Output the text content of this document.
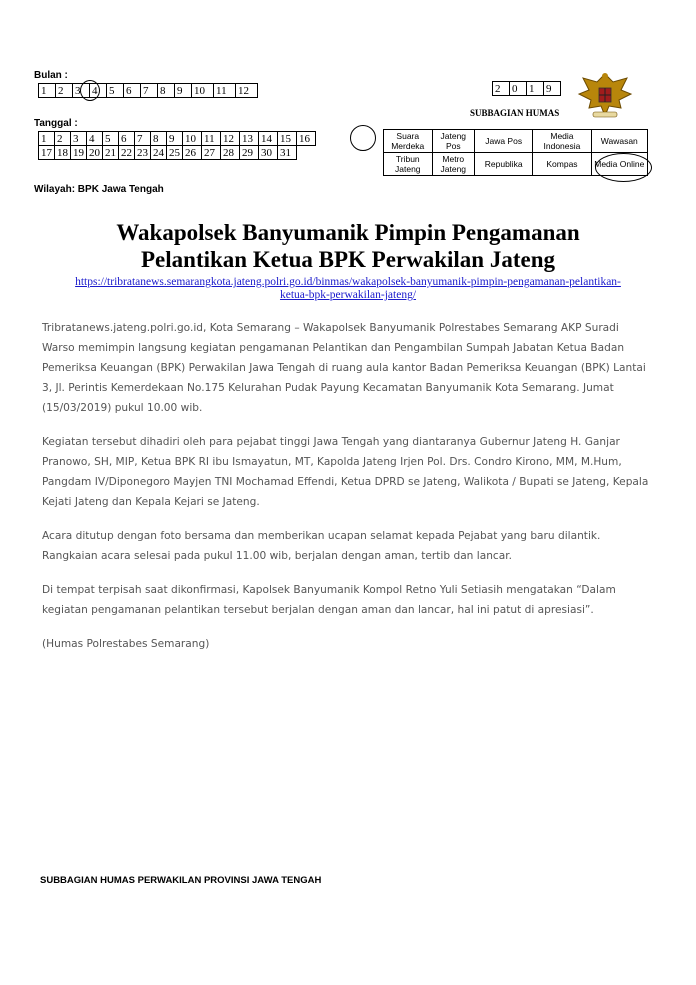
Bulan :
1	2	3	4	5	6	7	8	9	10	11	12
Tanggal :
1	2	3	4	5	6	7	8	9	10	11	12	13	14	15	16
17	18	19	20	21	22	23	24	25	26	27	28	29	30	31	
Wilayah: BPK Jawa Tengah
2	0	1	9
SUBBAGIAN HUMAS
Suara Merdeka	Jateng Pos	Jawa Pos	Media Indonesia	Wawasan
Tribun Jateng	Metro Jateng	Republika	Kompas	Media Online
Wakapolsek Banyumanik Pimpin Pengamanan
Pelantikan Ketua BPK Perwakilan Jateng
https://tribratanews.semarangkota.jateng.polri.go.id/binmas/wakapolsek-banyumanik-pimpin-pengamanan-pelantikan-
ketua-bpk-perwakilan-jateng/

Tribratanews.jateng.polri.go.id, Kota Semarang – Wakapolsek Banyumanik Polrestabes Semarang AKP Suradi Warso memimpin langsung kegiatan pengamanan Pelantikan dan Pengambilan Sumpah Jabatan Ketua Badan Pemeriksa Keuangan (BPK) Perwakilan Jawa Tengah di ruang aula kantor Badan Pemeriksa Keuangan (BPK) Lantai 3, Jl. Perintis Kemerdekaan No.175 Kelurahan Pudak Payung Kecamatan Banyumanik Kota Semarang. Jumat (15/03/2019) pukul 10.00 wib.

Kegiatan tersebut dihadiri oleh para pejabat tinggi Jawa Tengah yang diantaranya Gubernur Jateng H. Ganjar Pranowo, SH, MIP, Ketua BPK RI ibu Ismayatun, MT, Kapolda Jateng Irjen Pol. Drs. Condro Kirono, MM, M.Hum, Pangdam IV/Diponegoro Mayjen TNI Mochamad Effendi, Ketua DPRD se Jateng, Walikota / Bupati se Jateng, Kepala Kejati Jateng dan Kepala Kejari se Jateng.

Acara ditutup dengan foto bersama dan memberikan ucapan selamat kepada Pejabat yang baru dilantik. Rangkaian acara selesai pada pukul 11.00 wib, berjalan dengan aman, tertib dan lancar.

Di tempat terpisah saat dikonfirmasi, Kapolsek Banyumanik Kompol Retno Yuli Setiasih mengatakan “Dalam kegiatan pengamanan pelantikan tersebut berjalan dengan aman dan lancar, hal ini patut di apresiasi”.

(Humas Polrestabes Semarang)

SUBBAGIAN HUMAS PERWAKILAN PROVINSI JAWA TENGAH
